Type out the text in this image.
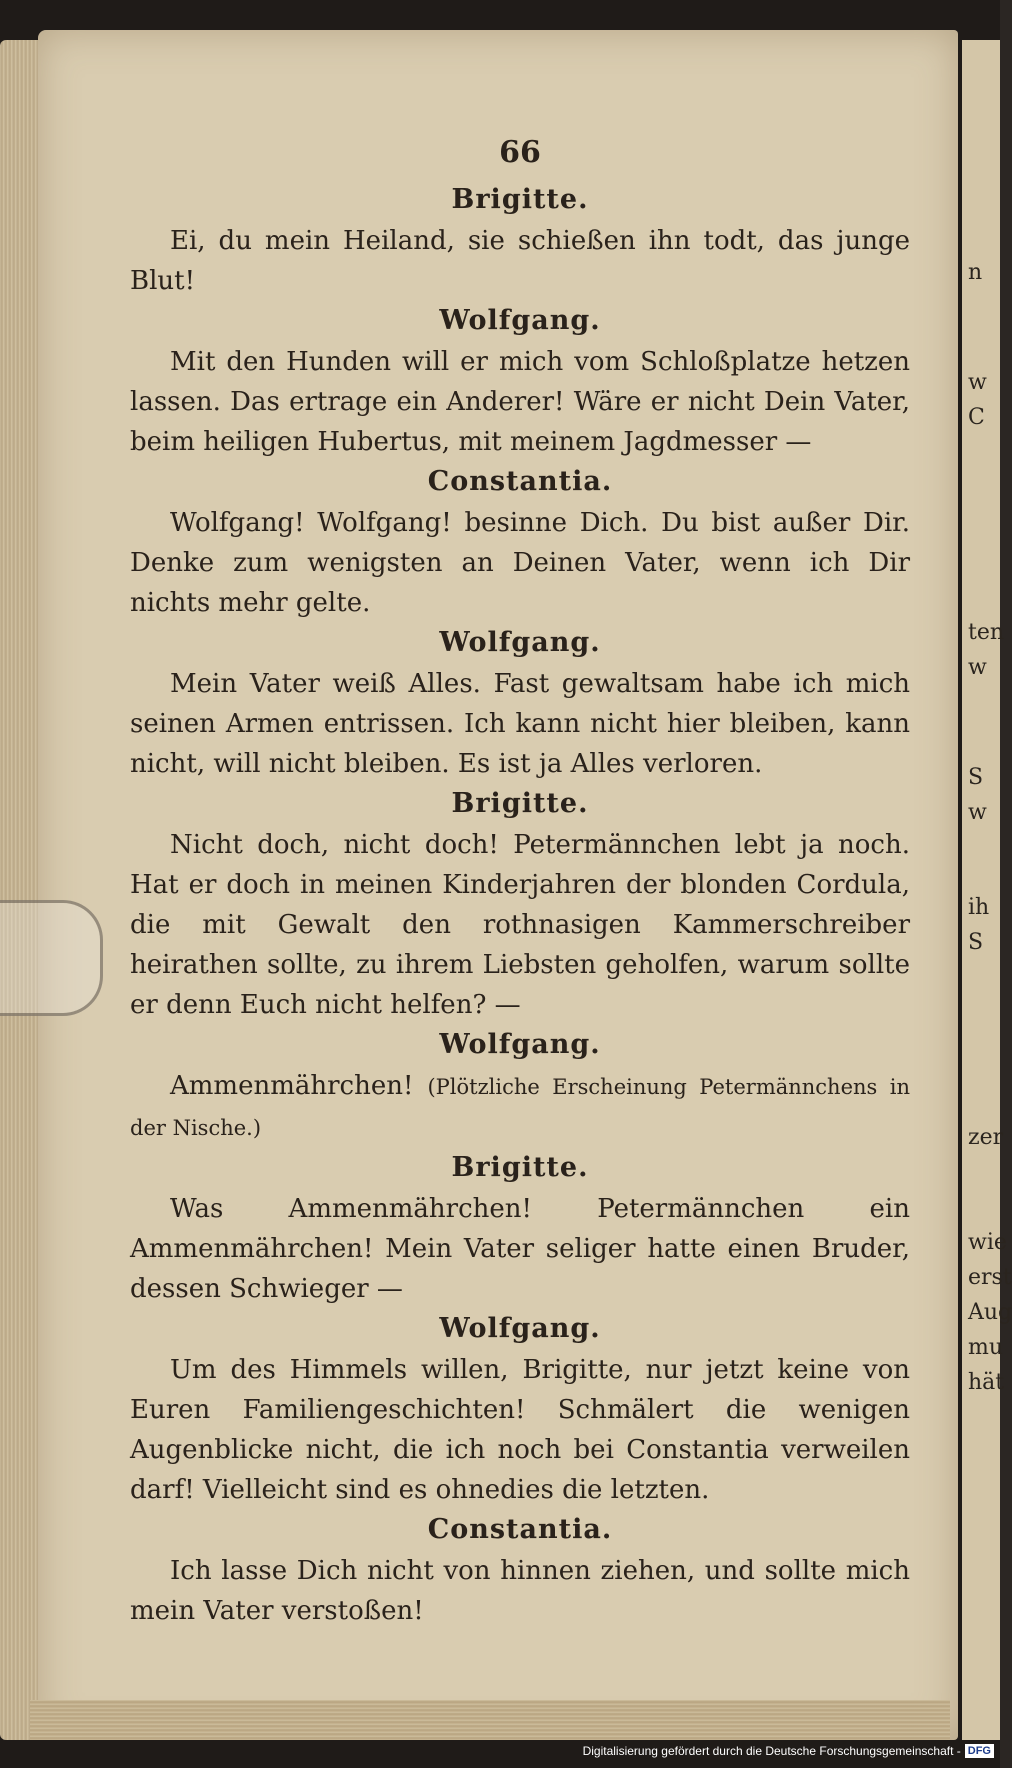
n
w
C
ten
w
S
w
ih
S
zer
wie
erst
Aug
mu
hät
66
Brigitte.

Ei, du mein Heiland, sie schießen ihn todt, das junge Blut!

Wolfgang.

Mit den Hunden will er mich vom Schloßplatze hetzen lassen. Das ertrage ein Anderer! Wäre er nicht Dein Vater, beim heiligen Hubertus, mit meinem Jagdmesser —

Constantia.

Wolfgang! Wolfgang! besinne Dich. Du bist außer Dir. Denke zum wenigsten an Deinen Vater, wenn ich Dir nichts mehr gelte.

Wolfgang.

Mein Vater weiß Alles. Fast gewaltsam habe ich mich seinen Armen entrissen. Ich kann nicht hier bleiben, kann nicht, will nicht bleiben. Es ist ja Alles verloren.

Brigitte.

Nicht doch, nicht doch! Petermännchen lebt ja noch. Hat er doch in meinen Kinderjahren der blonden Cordula, die mit Gewalt den rothnasigen Kammerschreiber heirathen sollte, zu ihrem Liebsten geholfen, warum sollte er denn Euch nicht helfen? —

Wolfgang.

Ammenmährchen! (Plötzliche Erscheinung Petermännchens in der Nische.)

Brigitte.

Was Ammenmährchen! Petermännchen ein Ammenmährchen! Mein Vater seliger hatte einen Bruder, dessen Schwieger —

Wolfgang.

Um des Himmels willen, Brigitte, nur jetzt keine von Euren Familiengeschichten! Schmälert die wenigen Augenblicke nicht, die ich noch bei Constantia verweilen darf! Vielleicht sind es ohnedies die letzten.

Constantia.

Ich lasse Dich nicht von hinnen ziehen, und sollte mich mein Vater verstoßen!

Digitalisierung gefördert durch die Deutsche Forschungsgemeinschaft - DFG
